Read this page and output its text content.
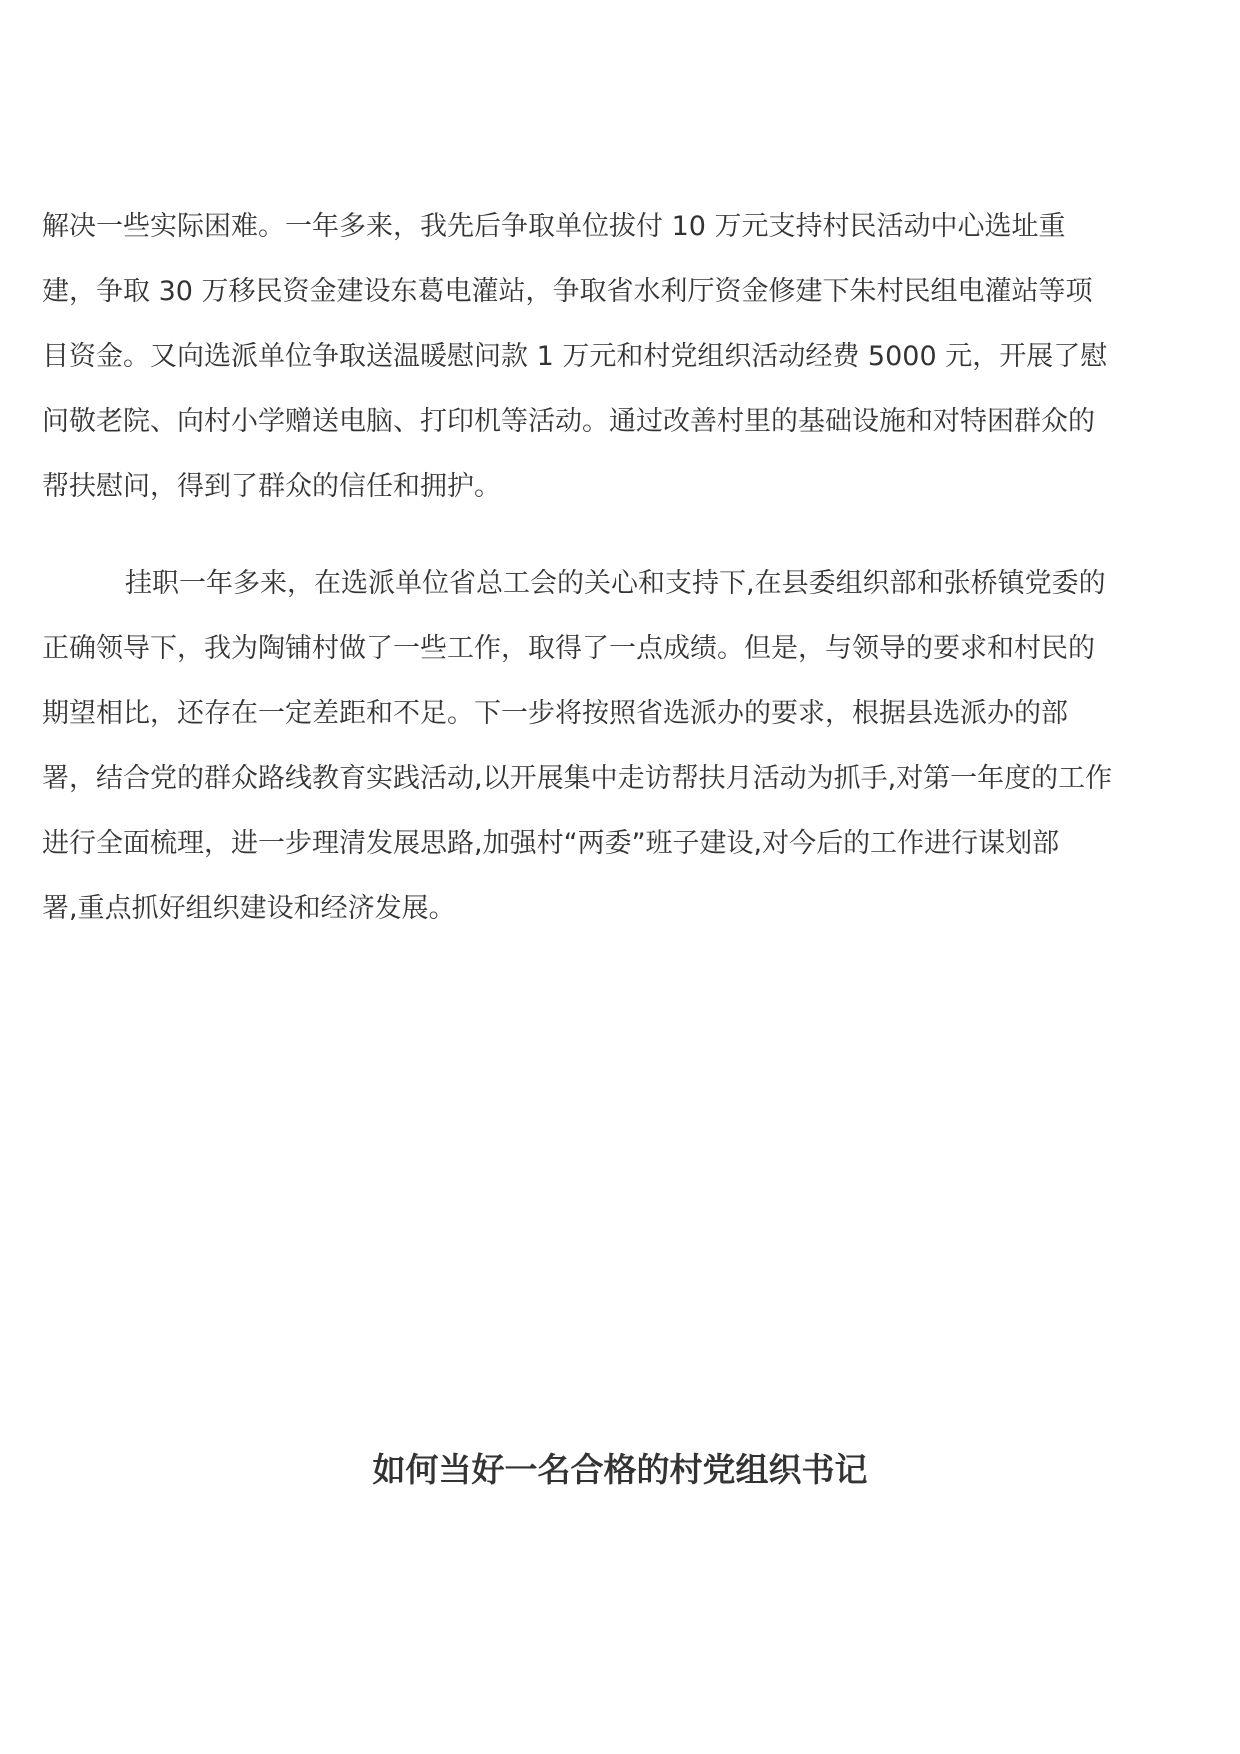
解决一些实际困难。一年多来，我先后争取单位拔付 10 万元支持村民活动中心选址重
建，争取 30 万移民资金建设东葛电灌站，争取省水利厅资金修建下朱村民组电灌站等项
目资金。又向选派单位争取送温暖慰问款 1 万元和村党组织活动经费 5000 元，开展了慰
问敬老院、向村小学赠送电脑、打印机等活动。通过改善村里的基础设施和对特困群众的
帮扶慰问，得到了群众的信任和拥护。
挂职一年多来，在选派单位省总工会的关心和支持下,在县委组织部和张桥镇党委的
正确领导下，我为陶铺村做了一些工作，取得了一点成绩。但是，与领导的要求和村民的
期望相比，还存在一定差距和不足。下一步将按照省选派办的要求，根据县选派办的部
署，结合党的群众路线教育实践活动,以开展集中走访帮扶月活动为抓手,对第一年度的工作
进行全面梳理，进一步理清发展思路,加强村“两委”班子建设,对今后的工作进行谋划部
署,重点抓好组织建设和经济发展。
如何当好一名合格的村党组织书记
